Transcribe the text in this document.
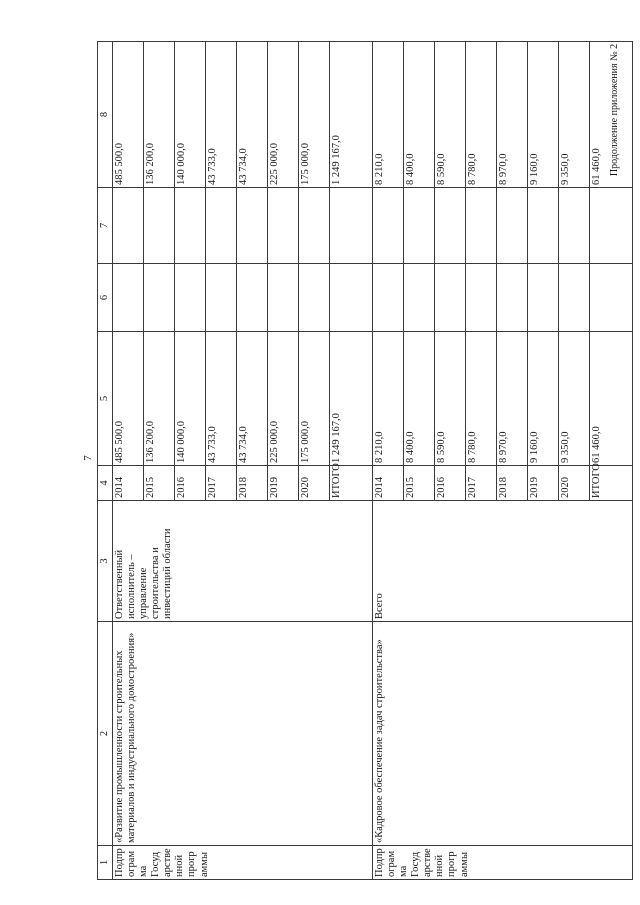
7
Продолжение приложения № 2
1	2	3	4	5	6	7	8
Подпрограмма Государственной программы	«Развитие промышленности строительных материалов и индустриального домостроения»	Ответственный исполнитель – управление строительства и инвестиций области	2014	485 500,0			485 500,0
			2015	136 200,0			136 200,0
			2016	140 000,0			140 000,0
			2017	43 733,0			43 733,0
			2018	43 734,0			43 734,0
			2019	225 000,0			225 000,0
			2020	175 000,0			175 000,0
			ИТОГО	1 249 167,0			1 249 167,0
Подпрограмма Государственной программы	«Кадровое обеспечение задач строительства»	Всего	2014	8 210,0			8 210,0
			2015	8 400,0			8 400,0
			2016	8 590,0			8 590,0
			2017	8 780,0			8 780,0
			2018	8 970,0			8 970,0
			2019	9 160,0			9 160,0
			2020	9 350,0			9 350,0
			ИТОГО	61 460,0			61 460,0
